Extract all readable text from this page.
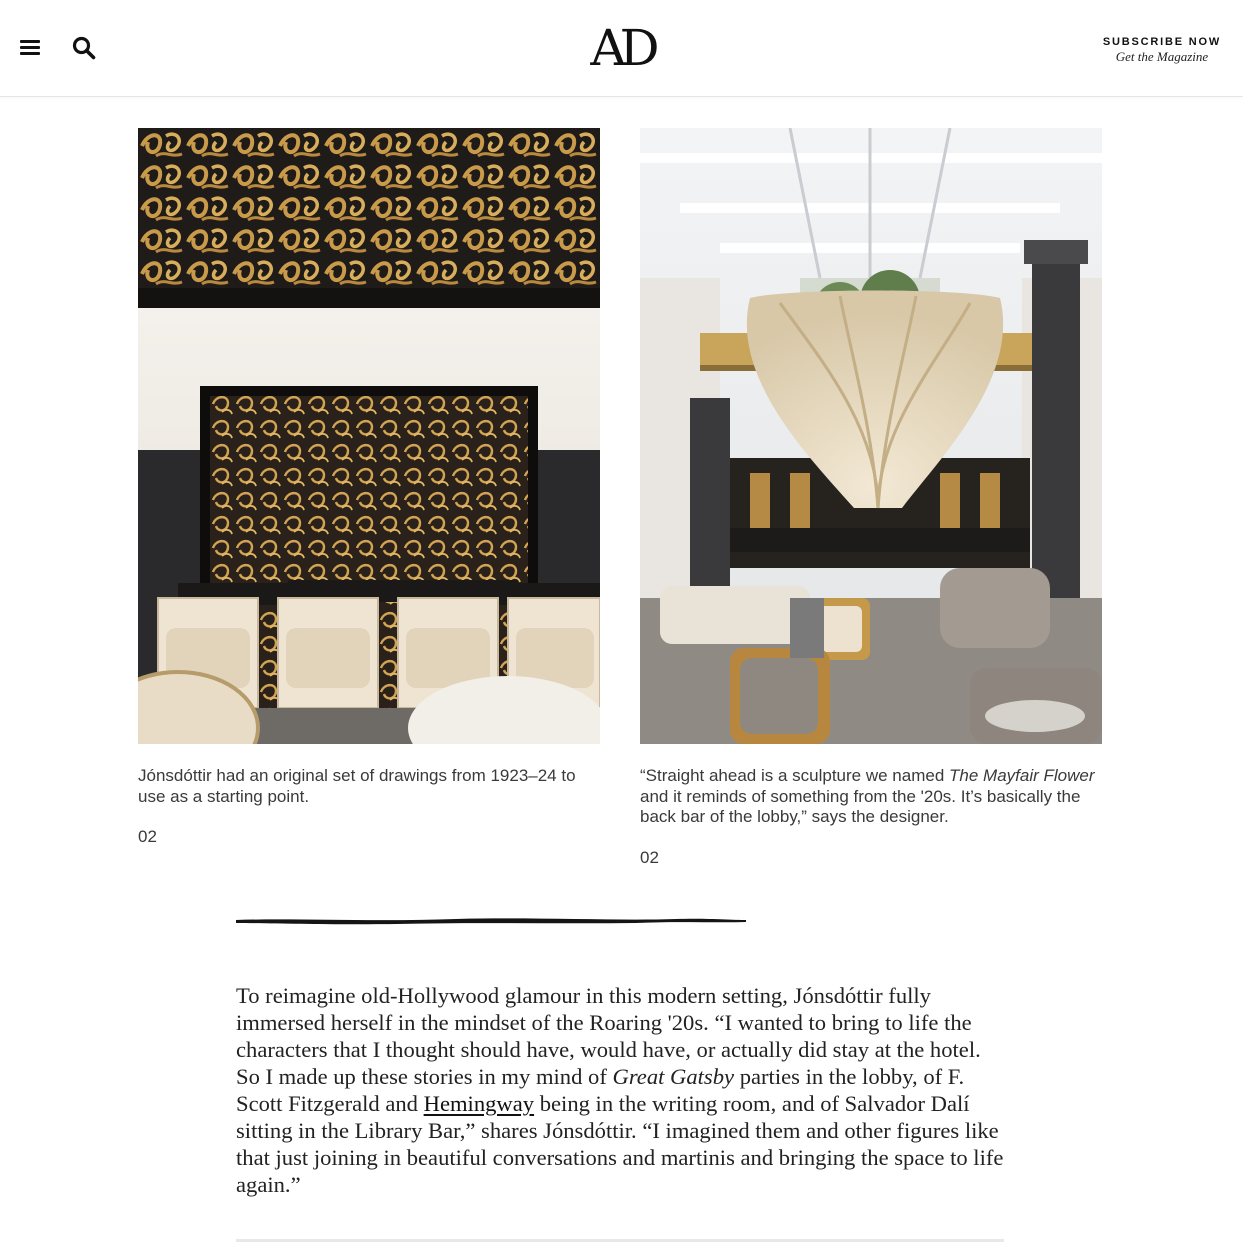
AD	SUBSCRIBE NOW
Get the Magazine
Jónsdóttir had an original set of drawings from 1923–24 to use as a starting point.
02
“Straight ahead is a sculpture we named The Mayfair Flower and it reminds of something from the '20s. It’s basically the back bar of the lobby,” says the designer.
02
To reimagine old-Hollywood glamour in this modern setting, Jónsdóttir fully immersed herself in the mindset of the Roaring '20s. “I wanted to bring to life the characters that I thought should have, would have, or actually did stay at the hotel. So I made up these stories in my mind of Great Gatsby parties in the lobby, of F. Scott Fitzgerald and Hemingway being in the writing room, and of Salvador Dalí sitting in the Library Bar,” shares Jónsdóttir. “I imagined them and other figures like that just joining in beautiful conversations and martinis and bringing the space to life again.”
